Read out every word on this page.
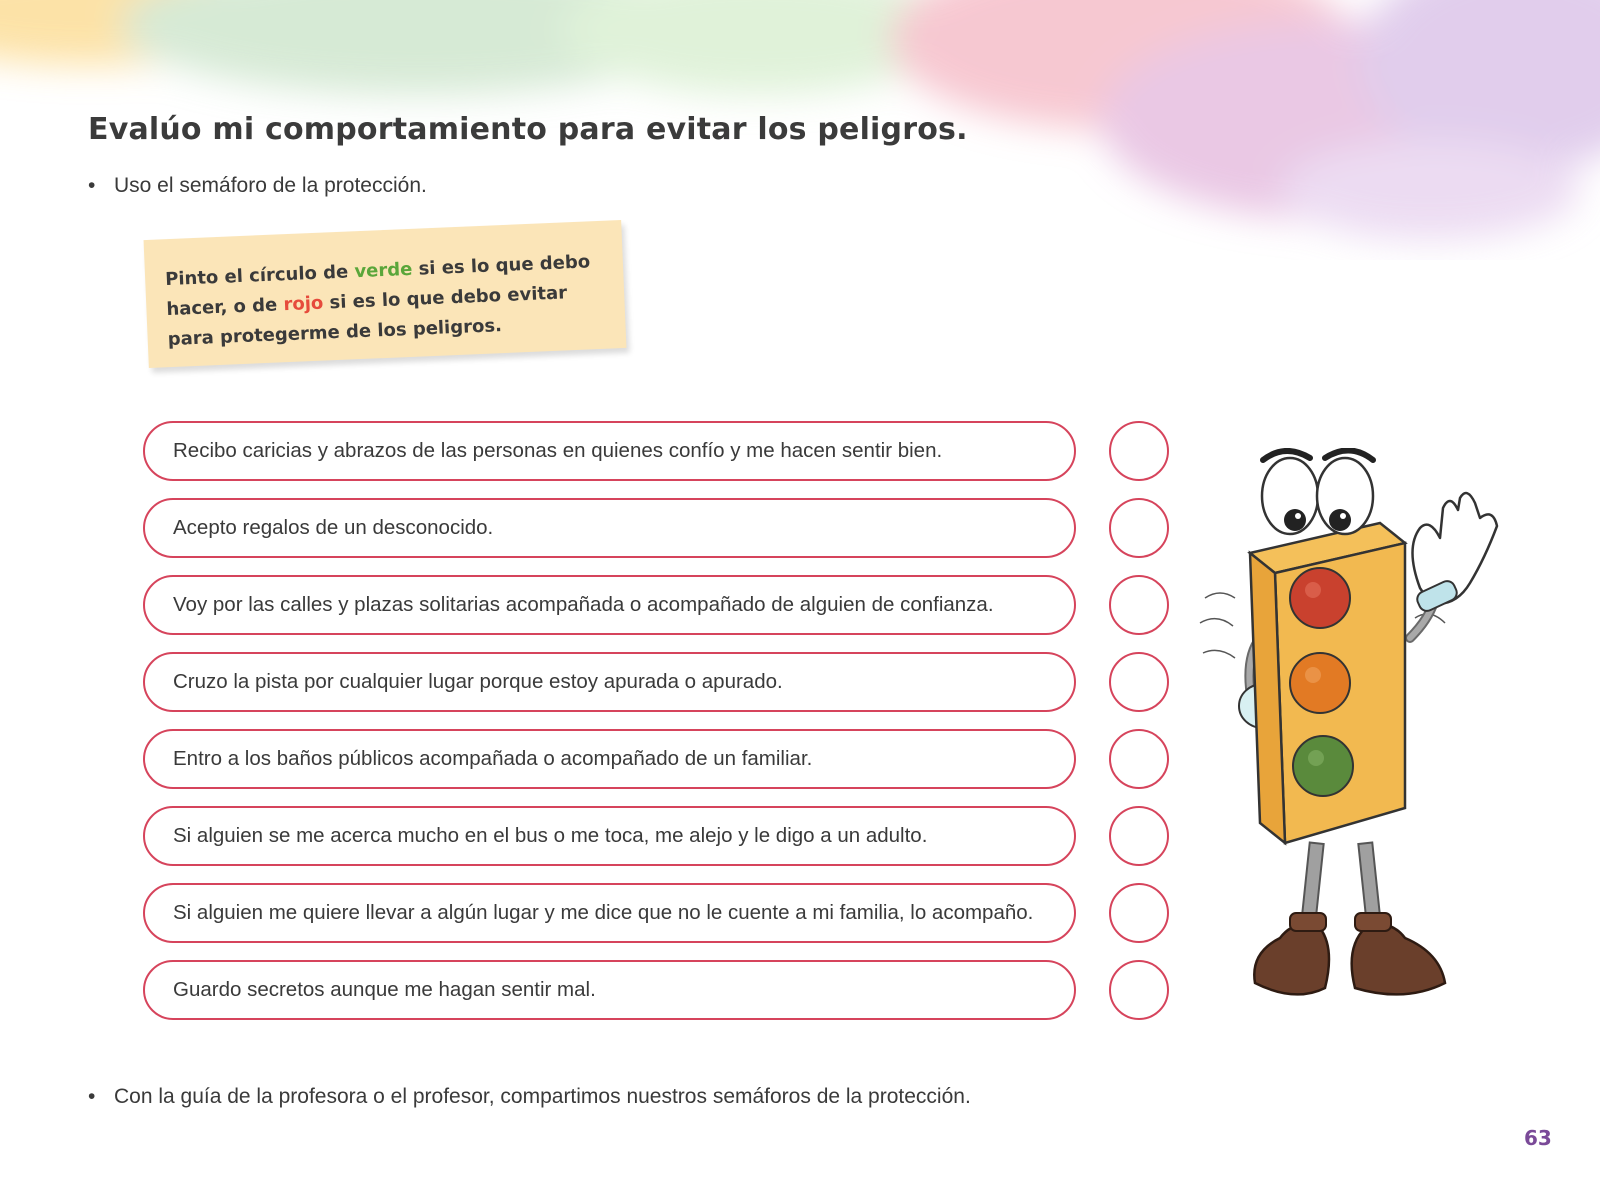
Evalúo mi comportamiento para evitar los peligros.
• Uso el semáforo de la protección.

Pinto el círculo de verde si es lo que debo hacer, o de rojo si es lo que debo evitar para protegerme de los peligros.

Recibo caricias y abrazos de las personas en quienes confío y me hacen sentir bien.
Acepto regalos de un desconocido.
Voy por las calles y plazas solitarias acompañada o acompañado de alguien de confianza.
Cruzo la pista por cualquier lugar porque estoy apurada o apurado.
Entro a los baños públicos acompañada o acompañado de un familiar.
Si alguien se me acerca mucho en el bus o me toca, me alejo y le digo a un adulto.
Si alguien me quiere llevar a algún lugar y me dice que no le cuente a mi familia, lo acompaño.
Guardo secretos aunque me hagan sentir mal.
• Con la guía de la profesora o el profesor, compartimos nuestros semáforos de la protección.
63
